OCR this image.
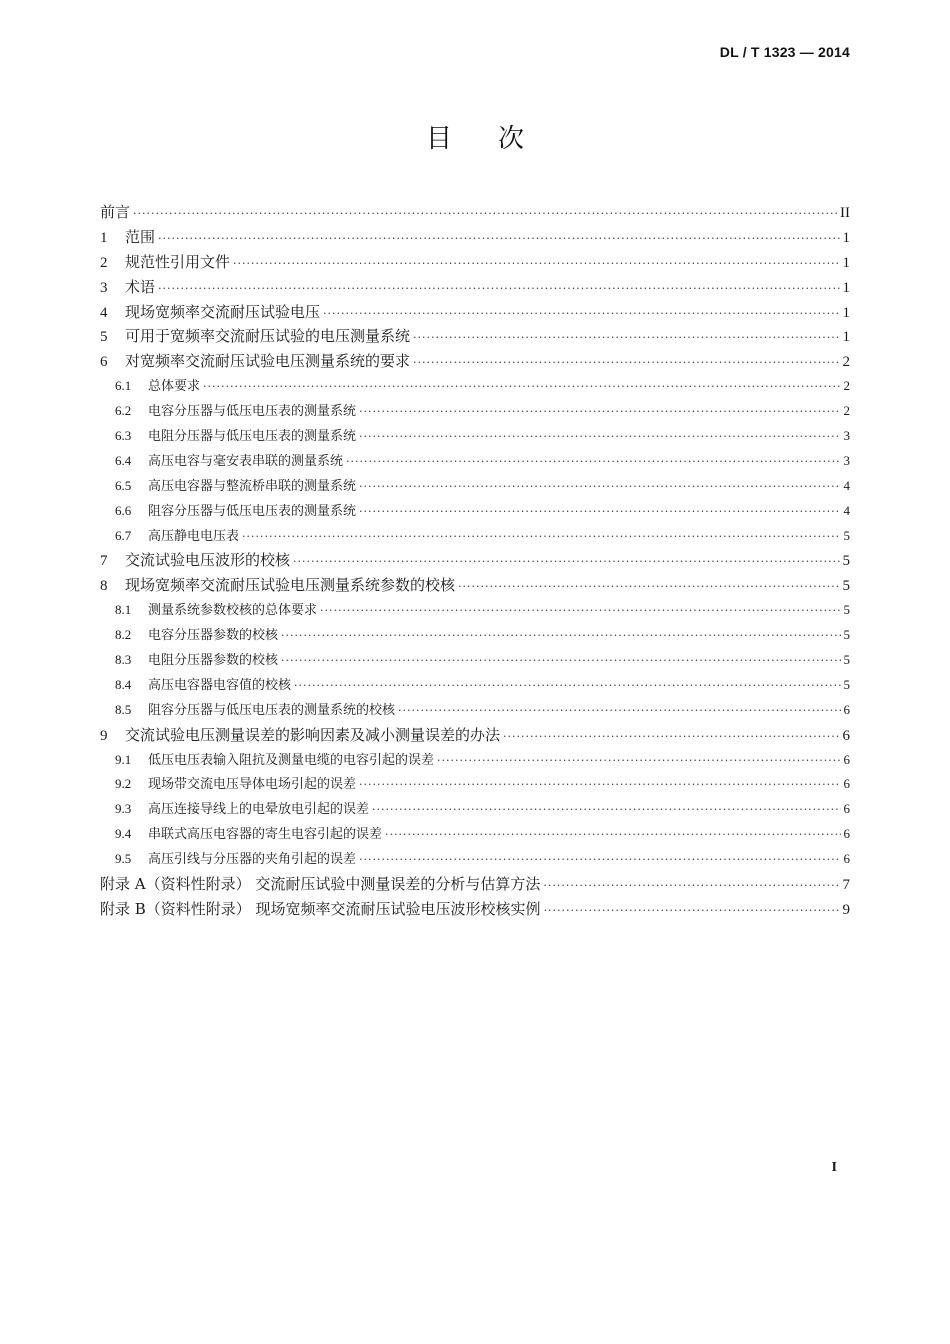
DL / T 1323 — 2014
目次
前言 ·····	II
1	范围 ·····	1
2	规范性引用文件 ·····	1
3	术语 ·····	1
4	现场宽频率交流耐压试验电压 ·····	1
5	可用于宽频率交流耐压试验的电压测量系统 ·····	1
6	对宽频率交流耐压试验电压测量系统的要求 ·····	2
6.1	总体要求 ·····	2
6.2	电容分压器与低压电压表的测量系统 ·····	2
6.3	电阻分压器与低压电压表的测量系统 ·····	3
6.4	高压电容与毫安表串联的测量系统 ·····	3
6.5	高压电容器与整流桥串联的测量系统 ·····	4
6.6	阻容分压器与低压电压表的测量系统 ·····	4
6.7	高压静电电压表 ·····	5
7	交流试验电压波形的校核 ·····	5
8	现场宽频率交流耐压试验电压测量系统参数的校核 ·····	5
8.1	测量系统参数校核的总体要求 ·····	5
8.2	电容分压器参数的校核 ·····	5
8.3	电阻分压器参数的校核 ·····	5
8.4	高压电容器电容值的校核 ·····	5
8.5	阻容分压器与低压电压表的测量系统的校核 ·····	6
9	交流试验电压测量误差的影响因素及减小测量误差的办法 ·····	6
9.1	低压电压表输入阻抗及测量电缆的电容引起的误差 ·····	6
9.2	现场带交流电压导体电场引起的误差 ·····	6
9.3	高压连接导线上的电晕放电引起的误差 ·····	6
9.4	串联式高压电容器的寄生电容引起的误差 ·····	6
9.5	高压引线与分压器的夹角引起的误差 ·····	6
附录 A（资料性附录） 交流耐压试验中测量误差的分析与估算方法 ·····	7
附录 B（资料性附录） 现场宽频率交流耐压试验电压波形校核实例 ·····	9
I
